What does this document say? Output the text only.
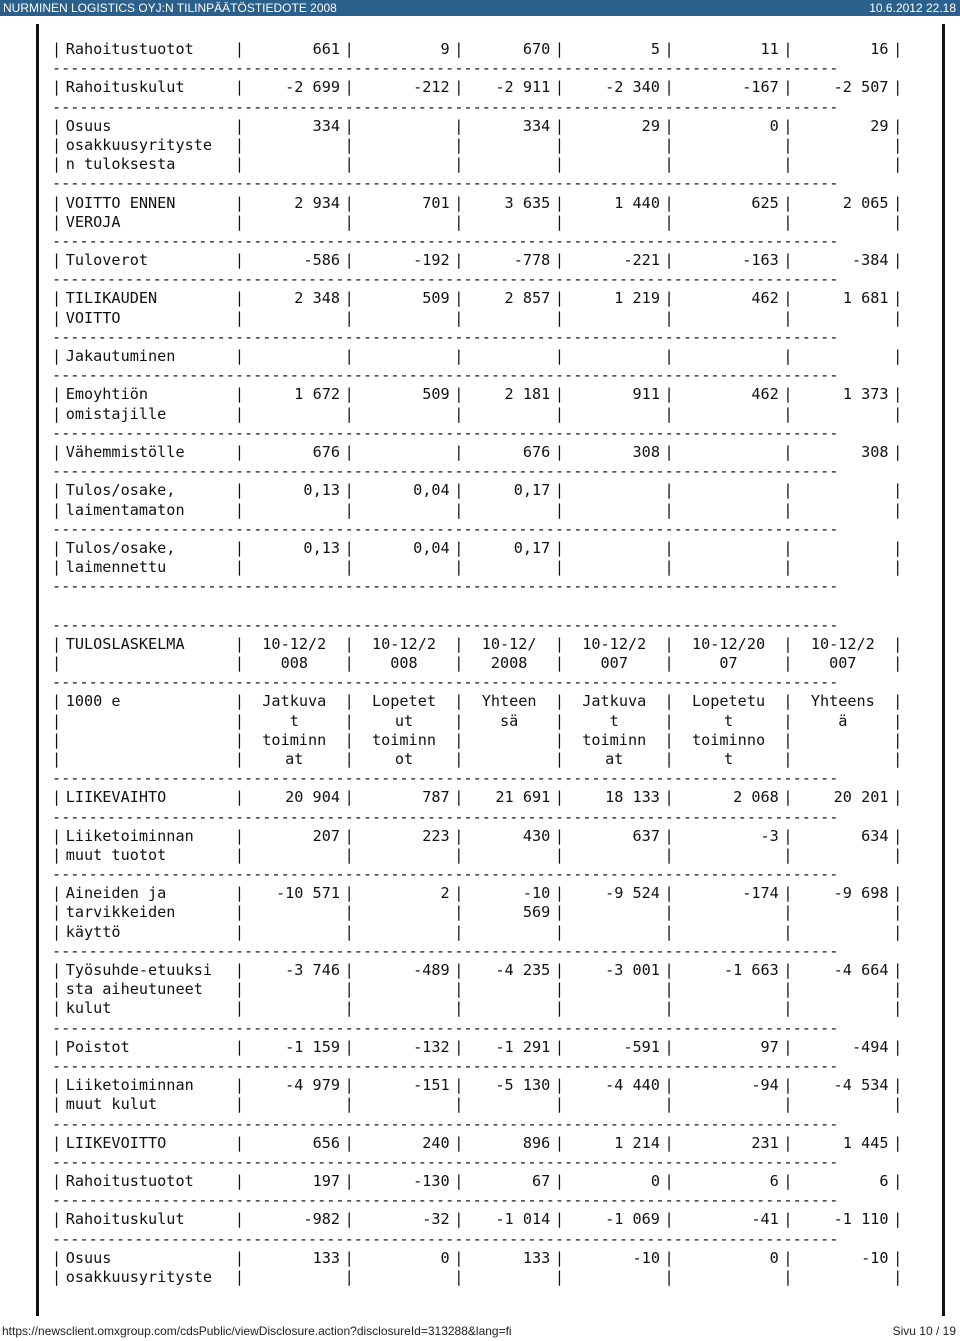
NURMINEN LOGISTICS OYJ:N TILINPÄÄTÖSTIEDOTE 2008	10.6.2012 22.18
| Rahoitustuotot	|	661 |	9 |	670 |	5 |	11 |	16 |
--------------------------------------------------------------------------------------
| Rahoituskulut	|	-2 699 |	-212 | -2 911 |	-2 340 |	-167 |	-2 507 |
--------------------------------------------------------------------------------------
| Osuus	|	334 |	|	334 |	29 |	0 |	29 |
| osakkuusyrityste |	|	|	|	|	|	|
| n tuloksesta	|	|	|	|	|	|	|
--------------------------------------------------------------------------------------
| VOITTO ENNEN	|	2 934 |	701 |	3 635 |	1 440 |	625 |	2 065 |
| VEROJA	|	|	|	|	|	|	|
--------------------------------------------------------------------------------------
| Tuloverot	|	-586 |	-192 |	-778 |	-221 |	-163 |	-384 |
--------------------------------------------------------------------------------------
| TILIKAUDEN	|	2 348 |	509 |	2 857 |	1 219 |	462 |	1 681 |
| VOITTO	|	|	|	|	|	|	|
--------------------------------------------------------------------------------------
| Jakautuminen	|	|	|	|	|	|	|
--------------------------------------------------------------------------------------
| Emoyhtiön	|	1 672 |	509 |	2 181 |	911 |	462 |	1 373 |
| omistajille	|	|	|	|	|	|	|
--------------------------------------------------------------------------------------
| Vähemmistölle	|	676 |	|	676 |	308 |	|	308 |
--------------------------------------------------------------------------------------
| Tulos/osake,	|	0,13 |	0,04 |	0,17 |	|	|	|
| laimentamaton	|	|	|	|	|	|	|
--------------------------------------------------------------------------------------
| Tulos/osake,	|	0,13 |	0,04 |	0,17 |	|	|	|
| laimennettu	|	|	|	|	|	|	|
--------------------------------------------------------------------------------------
--------------------------------------------------------------------------------------
| TULOSLASKELMA	| 10-12/2 | 10-12/2 | 10-12/ | 10-12/2 | 10-12/20 | 10-12/2 |
|	| 008 | 008 | 2008 | 007 |	07	| 007 |
--------------------------------------------------------------------------------------
| 1000 e	| Jatkuva | Lopetet | Yhteen | Jatkuva | Lopetetu | Yhteens |
|	|	t	|	ut	| sä |	t	|	t	|	ä	|
|	| toiminn | toiminn |	| toiminn | toiminno |	|
|	|	at	|	ot	|	|	at	|	t	|	|
--------------------------------------------------------------------------------------
| LIIKEVAIHTO	|	20 904 |	787 | 21 691 |	18 133 |	2 068 |	20 201 |
--------------------------------------------------------------------------------------
| Liiketoiminnan	|	207 |	223 |	430 |	637 |	-3 |	634 |
| muut tuotot	|	|	|	|	|	|	|
--------------------------------------------------------------------------------------
| Aineiden ja	| -10 571 |	2 |	-10 |	-9 524 |	-174 |	-9 698 |
| tarvikkeiden	|	|	|	569 |	|	|	|
| käyttö	|	|	|	|	|	|	|
--------------------------------------------------------------------------------------
| Työsuhde-etuuksi |	-3 746 |	-489 | -4 235 |	-3 001 |	-1 663 |	-4 664 |
| sta aiheutuneet |	|	|	|	|	|	|
| kulut	|	|	|	|	|	|	|
--------------------------------------------------------------------------------------
| Poistot	|	-1 159 |	-132 | -1 291 |	-591 |	97 |	-494 |
--------------------------------------------------------------------------------------
| Liiketoiminnan	|	-4 979 |	-151 | -5 130 |	-4 440 |	-94 |	-4 534 |
| muut kulut	|	|	|	|	|	|	|
--------------------------------------------------------------------------------------
| LIIKEVOITTO	|	656 |	240 |	896 |	1 214 |	231 |	1 445 |
--------------------------------------------------------------------------------------
| Rahoitustuotot	|	197 |	-130 |	67 |	0 |	6 |	6 |
--------------------------------------------------------------------------------------
| Rahoituskulut	|	-982 |	-32 | -1 014 |	-1 069 |	-41 |	-1 110 |
--------------------------------------------------------------------------------------
| Osuus	|	133 |	0 |	133 |	-10 |	0 |	-10 |
| osakkuusyrityste |	|	|	|	|	|	|
https://newsclient.omxgroup.com/cdsPublic/viewDisclosure.action?disclosureId=313288&lang=fi	Sivu 10 / 19
